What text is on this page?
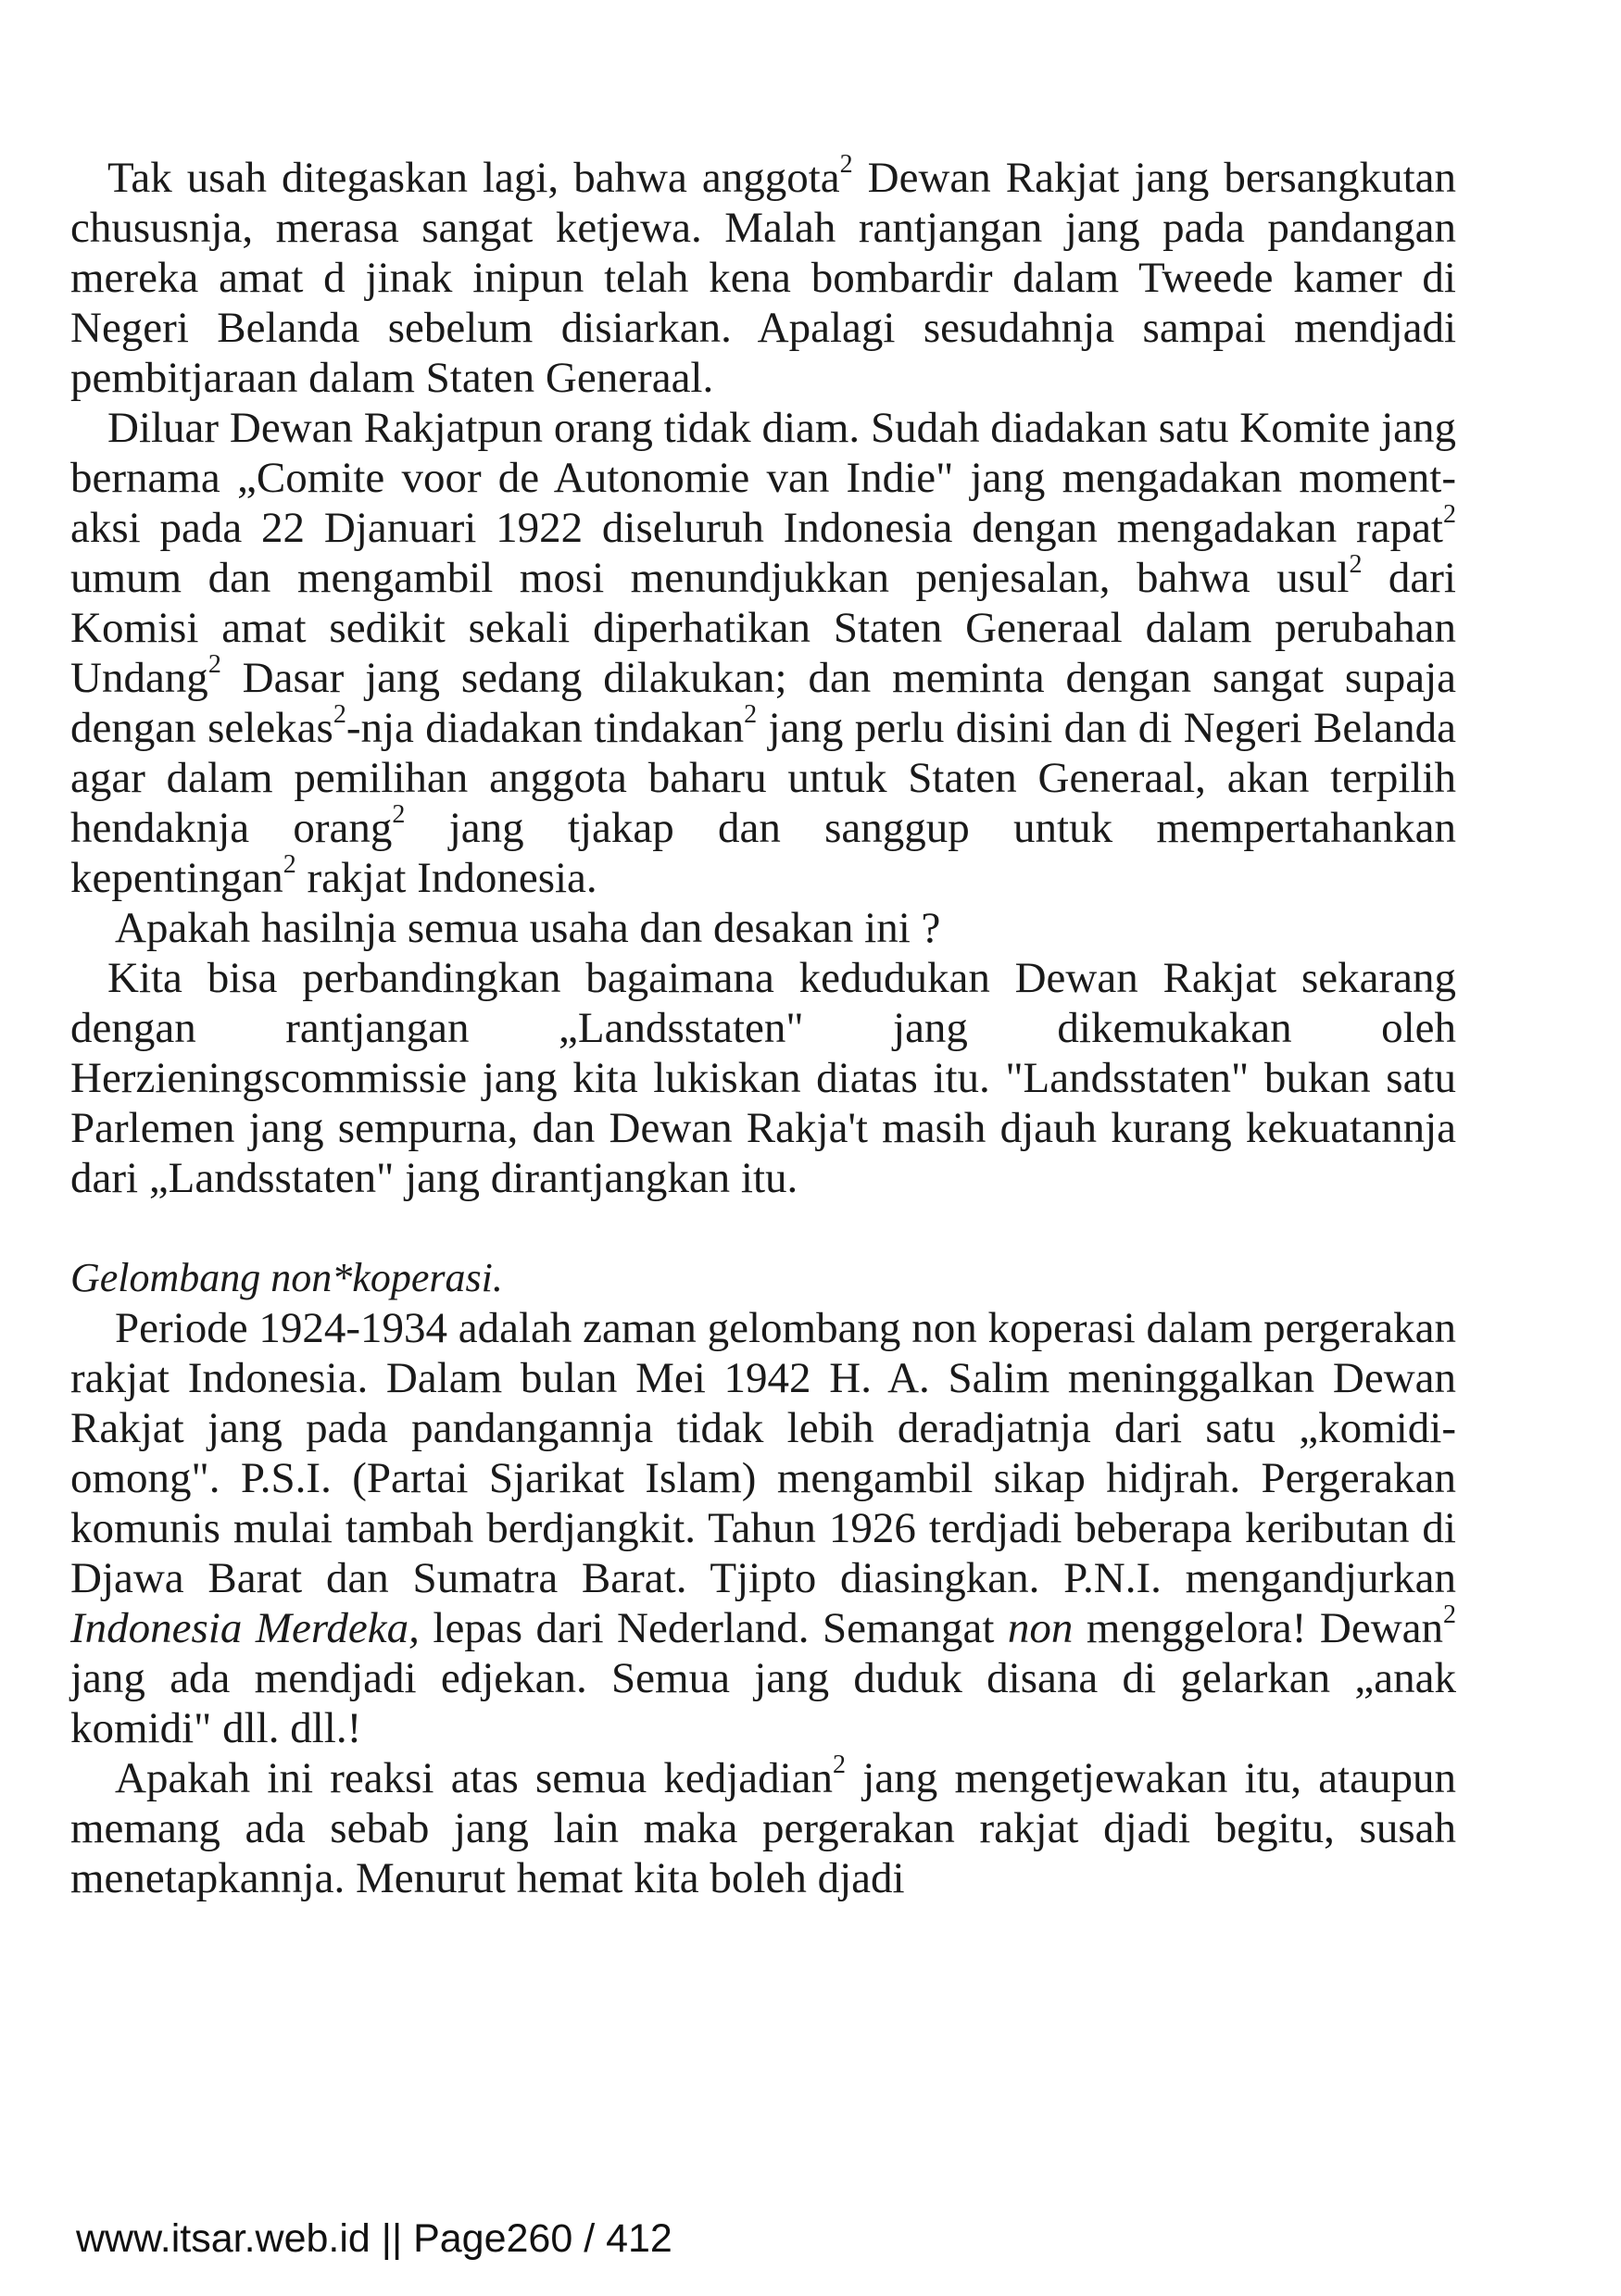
Tak usah ditegaskan lagi, bahwa anggota$^2$ Dewan Rakjat jang bersangkutan chususnja, merasa sangat ketjewa. Malah rantjangan jang pada pandangan mereka amat d jinak inipun telah kena bombardir dalam Tweede kamer di Negeri Belanda sebelum disiarkan. Apalagi sesudahnja sampai mendjadi pembitjaraan dalam Staten Generaal.

Diluar Dewan Rakjatpun orang tidak diam. Sudah diadakan satu Komite jang bernama „Comite voor de Autonomie van Indie" jang mengadakan moment-aksi pada 22 Djanuari 1922 diseluruh Indonesia dengan mengadakan rapat$^2$ umum dan mengambil mosi menundjukkan penjesalan, bahwa usul$^2$ dari Komisi amat sedikit sekali diperhatikan Staten Generaal dalam perubahan Undang$^2$ Dasar jang sedang dilakukan; dan meminta dengan sangat supaja dengan selekas$^2$-nja diadakan tindakan$^2$ jang perlu disini dan di Negeri Belanda agar dalam pemilihan anggota baharu untuk Staten Generaal, akan terpilih hendaknja orang$^2$ jang tjakap dan sanggup untuk mempertahankan kepentingan$^2$ rakjat Indonesia.

Apakah hasilnja semua usaha dan desakan ini ?

Kita bisa perbandingkan bagaimana kedudukan Dewan Rakjat sekarang dengan rantjangan „Landsstaten" jang dikemukakan oleh Herzieningscommissie jang kita lukiskan diatas itu. "Landsstaten" bukan satu Parlemen jang sempurna, dan Dewan Rakja't masih djauh kurang kekuatannja dari „Landsstaten" jang dirantjangkan itu.

Gelombang non*koperasi.

Periode 1924-1934 adalah zaman gelombang non koperasi dalam pergerakan rakjat Indonesia. Dalam bulan Mei 1942 H. A. Salim meninggalkan Dewan Rakjat jang pada pandangannja tidak lebih deradjatnja dari satu „komidi-omong". P.S.I. (Partai Sjarikat Islam) mengambil sikap hidjrah. Pergerakan komunis mulai tambah berdjangkit. Tahun 1926 terdjadi beberapa keributan di Djawa Barat dan Sumatra Barat. Tjipto diasingkan. P.N.I. mengandjurkan Indonesia Merdeka, lepas dari Nederland. Semangat non menggelora! Dewan$^2$ jang ada mendjadi edjekan. Semua jang duduk disana di gelarkan „anak komidi" dll. dll.!

Apakah ini reaksi atas semua kedjadian$^2$ jang mengetjewakan itu, ataupun memang ada sebab jang lain maka pergerakan rakjat djadi begitu, susah menetapkannja. Menurut hemat kita boleh djadi

www.itsar.web.id || Page260 / 412
